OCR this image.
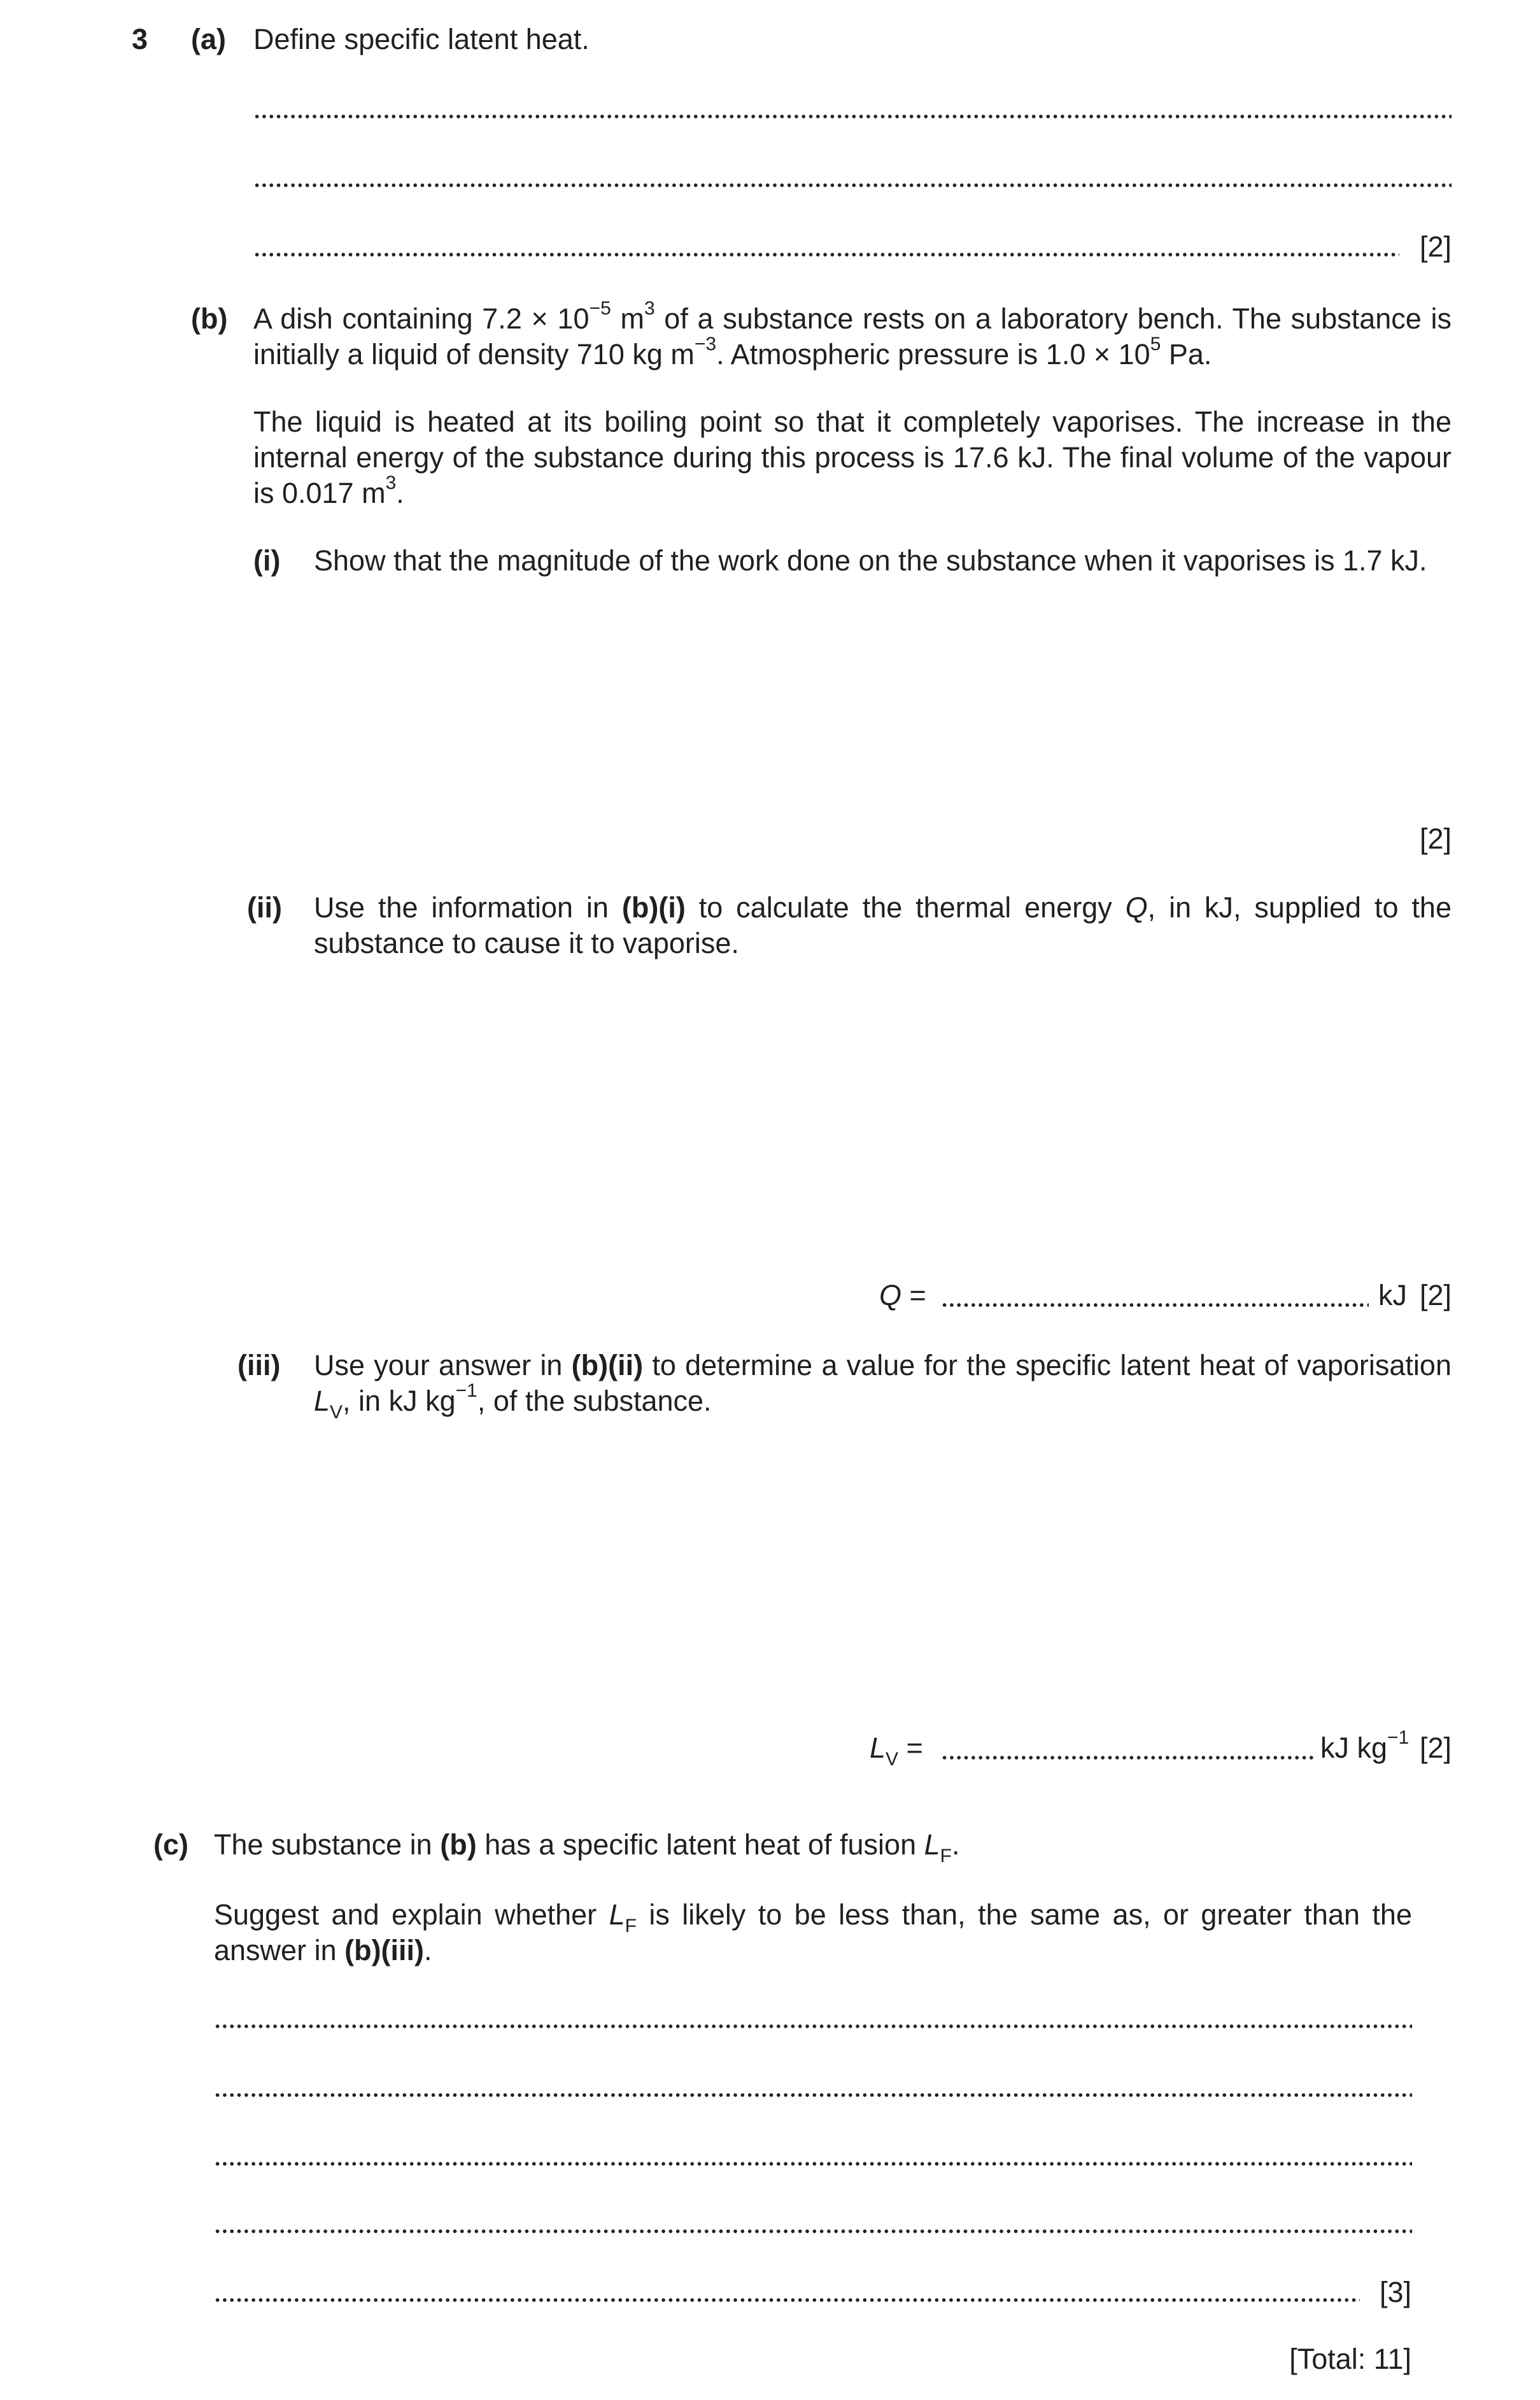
3 (a) Define specific latent heat.
[2]
(b) A dish containing $7.2 \times 10^{-5}$ $m^3$ of a substance rests on a laboratory bench. The substance is initially a liquid of density 710 kg $m^{-3}$. Atmospheric pressure is $1.0 \times 10^5$ Pa.
The liquid is heated at its boiling point so that it completely vaporises. The increase in the internal energy of the substance during this process is 17.6 kJ. The final volume of the vapour is 0.017 $m^3$.
(i) Show that the magnitude of the work done on the substance when it vaporises is 1.7 kJ.
[2]
(ii) Use the information in (b)(i) to calculate the thermal energy Q, in kJ, supplied to the substance to cause it to vaporise.
Q =	kJ [2]
(iii) Use your answer in (b)(ii) to determine a value for the specific latent heat of vaporisation $L_V$, in kJ $kg^{-1}$, of the substance.
$L_V$ =	kJ $kg^{-1}$ [2]
(c) The substance in (b) has a specific latent heat of fusion $L_F$.
Suggest and explain whether $L_F$ is likely to be less than, the same as, or greater than the answer in (b)(iii).
[3]
[Total: 11]
